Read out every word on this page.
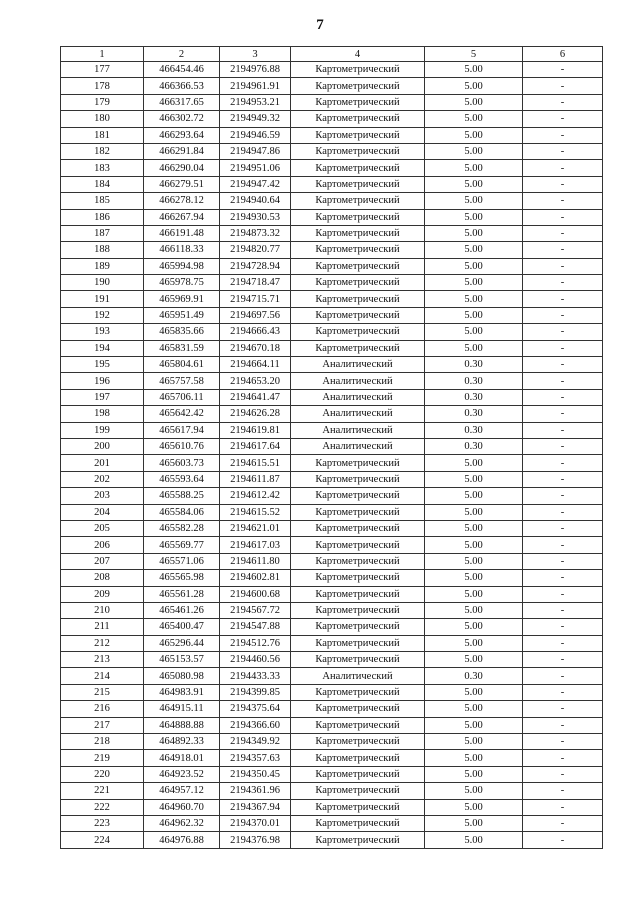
7
1	2	3	4	5	6
177	466454.46	2194976.88	Картометрический	5.00	-
178	466366.53	2194961.91	Картометрический	5.00	-
179	466317.65	2194953.21	Картометрический	5.00	-
180	466302.72	2194949.32	Картометрический	5.00	-
181	466293.64	2194946.59	Картометрический	5.00	-
182	466291.84	2194947.86	Картометрический	5.00	-
183	466290.04	2194951.06	Картометрический	5.00	-
184	466279.51	2194947.42	Картометрический	5.00	-
185	466278.12	2194940.64	Картометрический	5.00	-
186	466267.94	2194930.53	Картометрический	5.00	-
187	466191.48	2194873.32	Картометрический	5.00	-
188	466118.33	2194820.77	Картометрический	5.00	-
189	465994.98	2194728.94	Картометрический	5.00	-
190	465978.75	2194718.47	Картометрический	5.00	-
191	465969.91	2194715.71	Картометрический	5.00	-
192	465951.49	2194697.56	Картометрический	5.00	-
193	465835.66	2194666.43	Картометрический	5.00	-
194	465831.59	2194670.18	Картометрический	5.00	-
195	465804.61	2194664.11	Аналитический	0.30	-
196	465757.58	2194653.20	Аналитический	0.30	-
197	465706.11	2194641.47	Аналитический	0.30	-
198	465642.42	2194626.28	Аналитический	0.30	-
199	465617.94	2194619.81	Аналитический	0.30	-
200	465610.76	2194617.64	Аналитический	0.30	-
201	465603.73	2194615.51	Картометрический	5.00	-
202	465593.64	2194611.87	Картометрический	5.00	-
203	465588.25	2194612.42	Картометрический	5.00	-
204	465584.06	2194615.52	Картометрический	5.00	-
205	465582.28	2194621.01	Картометрический	5.00	-
206	465569.77	2194617.03	Картометрический	5.00	-
207	465571.06	2194611.80	Картометрический	5.00	-
208	465565.98	2194602.81	Картометрический	5.00	-
209	465561.28	2194600.68	Картометрический	5.00	-
210	465461.26	2194567.72	Картометрический	5.00	-
211	465400.47	2194547.88	Картометрический	5.00	-
212	465296.44	2194512.76	Картометрический	5.00	-
213	465153.57	2194460.56	Картометрический	5.00	-
214	465080.98	2194433.33	Аналитический	0.30	-
215	464983.91	2194399.85	Картометрический	5.00	-
216	464915.11	2194375.64	Картометрический	5.00	-
217	464888.88	2194366.60	Картометрический	5.00	-
218	464892.33	2194349.92	Картометрический	5.00	-
219	464918.01	2194357.63	Картометрический	5.00	-
220	464923.52	2194350.45	Картометрический	5.00	-
221	464957.12	2194361.96	Картометрический	5.00	-
222	464960.70	2194367.94	Картометрический	5.00	-
223	464962.32	2194370.01	Картометрический	5.00	-
224	464976.88	2194376.98	Картометрический	5.00	-
